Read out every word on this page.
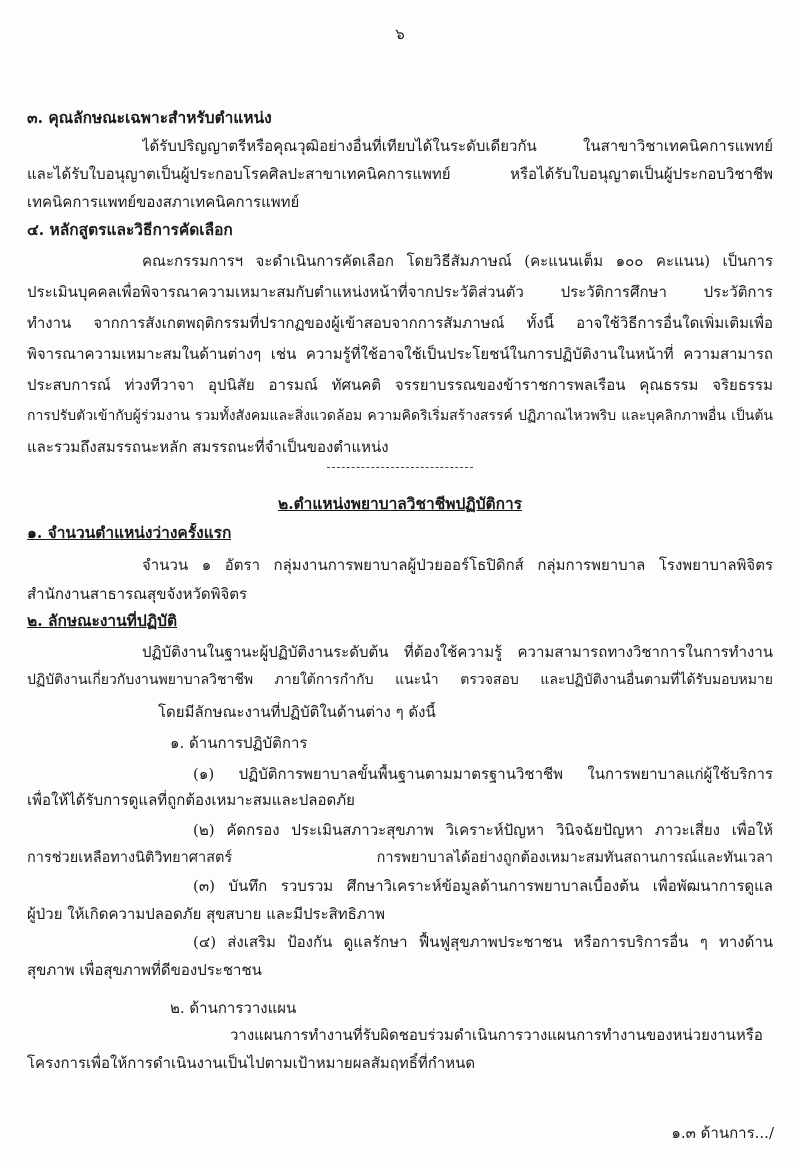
๖
๓. คุณลักษณะเฉพาะสำหรับตำแหน่ง
ได้รับปริญญาตรีหรือคุณวุฒิอย่างอื่นที่เทียบได้ในระดับเดียวกัน ในสาขาวิชาเทคนิคการแพทย์
และได้รับใบอนุญาตเป็นผู้ประกอบโรคศิลปะสาขาเทคนิคการแพทย์ หรือได้รับใบอนุญาตเป็นผู้ประกอบวิชาชีพ
เทคนิคการแพทย์ของสภาเทคนิคการแพทย์
๔. หลักสูตรและวิธีการคัดเลือก
คณะกรรมการฯ จะดำเนินการคัดเลือก โดยวิธีสัมภาษณ์ (คะแนนเต็ม ๑๐๐ คะแนน) เป็นการ
ประเมินบุคคลเพื่อพิจารณาความเหมาะสมกับตำแหน่งหน้าที่จากประวัติส่วนตัว ประวัติการศึกษา ประวัติการ
ทำงาน จากการสังเกตพฤติกรรมที่ปรากฏของผู้เข้าสอบจากการสัมภาษณ์ ทั้งนี้ อาจใช้วิธีการอื่นใดเพิ่มเติมเพื่อ
พิจารณาความเหมาะสมในด้านต่างๆ เช่น ความรู้ที่ใช้อาจใช้เป็นประโยชน์ในการปฏิบัติงานในหน้าที่ ความสามารถ
ประสบการณ์ ท่วงทีวาจา อุปนิสัย อารมณ์ ทัศนคติ จรรยาบรรณของข้าราชการพลเรือน คุณธรรม จริยธรรม
การปรับตัวเข้ากับผู้ร่วมงาน รวมทั้งสังคมและสิ่งแวดล้อม ความคิดริเริ่มสร้างสรรค์ ปฏิภาณไหวพริบ และบุคลิกภาพอื่น เป็นต้น
และรวมถึงสมรรถนะหลัก สมรรถนะที่จำเป็นของตำแหน่ง
๒.ตำแหน่งพยาบาลวิชาชีพปฏิบัติการ
๑. จำนวนตำแหน่งว่างครั้งแรก
จำนวน ๑ อัตรา กลุ่มงานการพยาบาลผู้ป่วยออร์โธปิดิกส์ กลุ่มการพยาบาล โรงพยาบาลพิจิตร
สำนักงานสาธารณสุขจังหวัดพิจิตร
๒. ลักษณะงานที่ปฏิบัติ
ปฏิบัติงานในฐานะผู้ปฏิบัติงานระดับต้น ที่ต้องใช้ความรู้ ความสามารถทางวิชาการในการทำงาน
ปฏิบัติงานเกี่ยวกับงานพยาบาลวิชาชีพ ภายใต้การกำกับ แนะนำ ตรวจสอบ และปฏิบัติงานอื่นตามที่ได้รับมอบหมาย
โดยมีลักษณะงานที่ปฏิบัติในด้านต่าง ๆ ดังนี้
๑. ด้านการปฏิบัติการ
(๑) ปฏิบัติการพยาบาลขั้นพื้นฐานตามมาตรฐานวิชาชีพ ในการพยาบาลแก่ผู้ใช้บริการ
เพื่อให้ได้รับการดูแลที่ถูกต้องเหมาะสมและปลอดภัย
(๒) คัดกรอง ประเมินสภาวะสุขภาพ วิเคราะห์ปัญหา วินิจฉัยปัญหา ภาวะเสี่ยง เพื่อให้
การช่วยเหลือทางนิติวิทยาศาสตร์ การพยาบาลได้อย่างถูกต้องเหมาะสมทันสถานการณ์และทันเวลา
(๓) บันทึก รวบรวม ศึกษาวิเคราะห์ข้อมูลด้านการพยาบาลเบื้องต้น เพื่อพัฒนาการดูแล
ผู้ป่วย ให้เกิดความปลอดภัย สุขสบาย และมีประสิทธิภาพ
(๔) ส่งเสริม ป้องกัน ดูแลรักษา ฟื้นฟูสุขภาพประชาชน หรือการบริการอื่น ๆ ทางด้าน
สุขภาพ เพื่อสุขภาพที่ดีของประชาชน
๒. ด้านการวางแผน
วางแผนการทำงานที่รับผิดชอบร่วมดำเนินการวางแผนการทำงานของหน่วยงานหรือ
โครงการเพื่อให้การดำเนินงานเป็นไปตามเป้าหมายผลสัมฤทธิ์ที่กำหนด
๑.๓ ด้านการ.../
